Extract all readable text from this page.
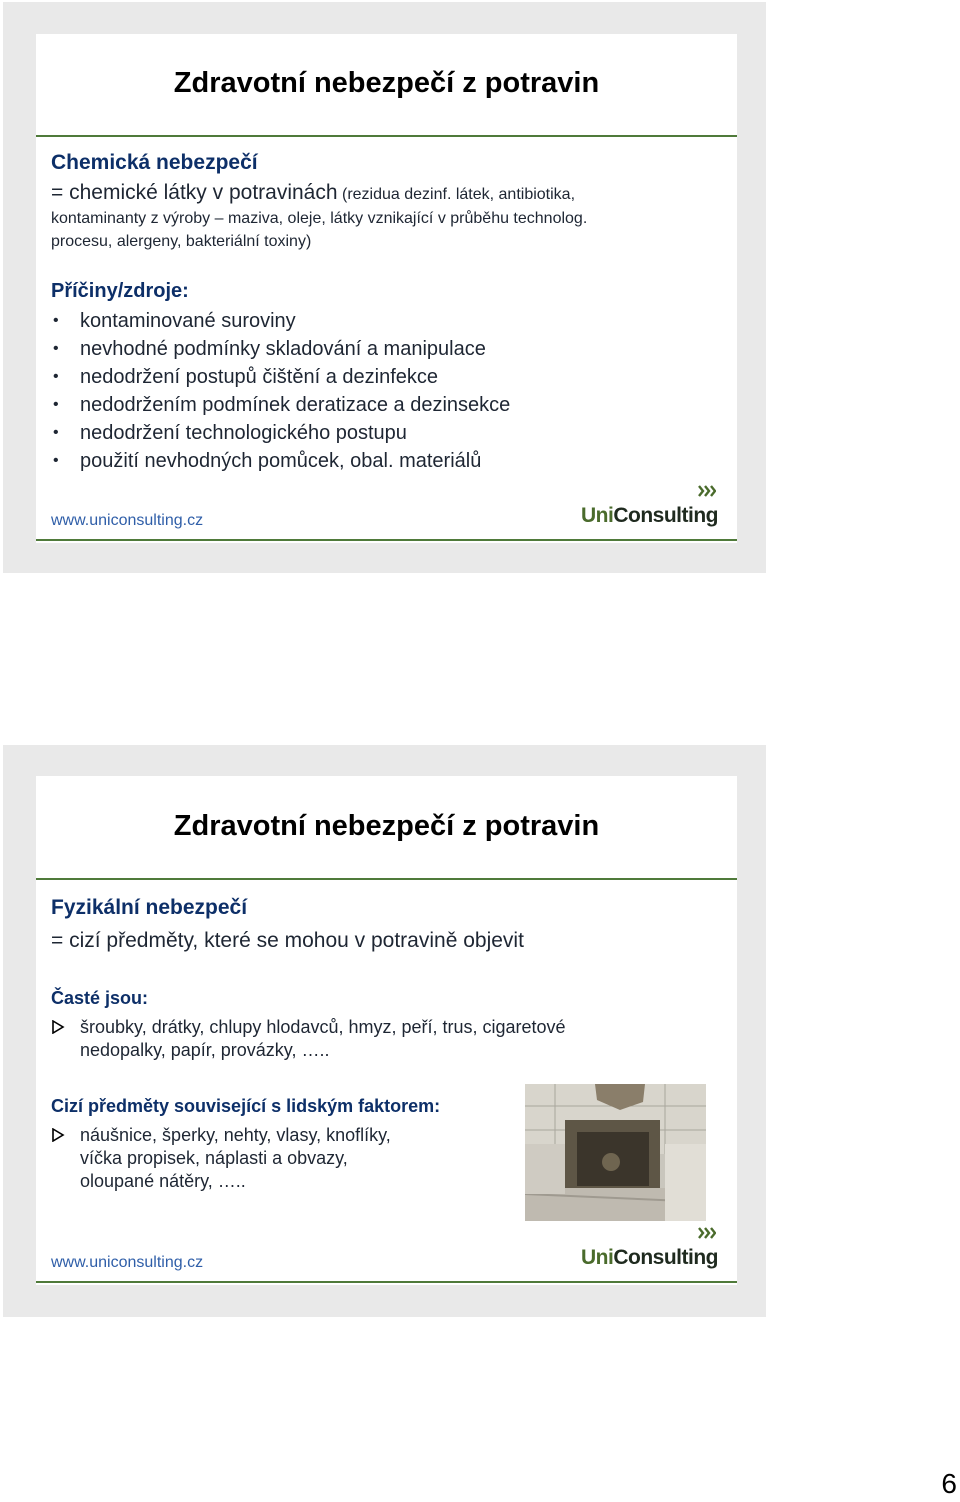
Zdravotní nebezpečí z potravin
Chemická nebezpečí
= chemické látky v potravinách (rezidua dezinf. látek, antibiotika,
kontaminanty z výroby – maziva, oleje, látky vznikající v průběhu technolog.
procesu, alergeny, bakteriální toxiny)
Příčiny/zdroje:
• kontaminované suroviny
• nevhodné podmínky skladování a manipulace
• nedodržení postupů čištění a dezinfekce
• nedodržením podmínek deratizace a dezinsekce
• nedodržení technologického postupu
• použití nevhodných pomůcek, obal. materiálů
www.uniconsulting.cz	UniConsulting
Zdravotní nebezpečí z potravin
Fyzikální nebezpečí
= cizí předměty, které se mohou v potravině objevit
Časté jsou:
šroubky, drátky, chlupy hlodavců, hmyz, peří, trus, cigaretové
nedopalky, papír, provázky, …..
Cizí předměty související s lidským faktorem:
náušnice, šperky, nehty, vlasy, knoflíky,
víčka propisek, náplasti a obvazy,
oloupané nátěry, …..
www.uniconsulting.cz	UniConsulting
6
